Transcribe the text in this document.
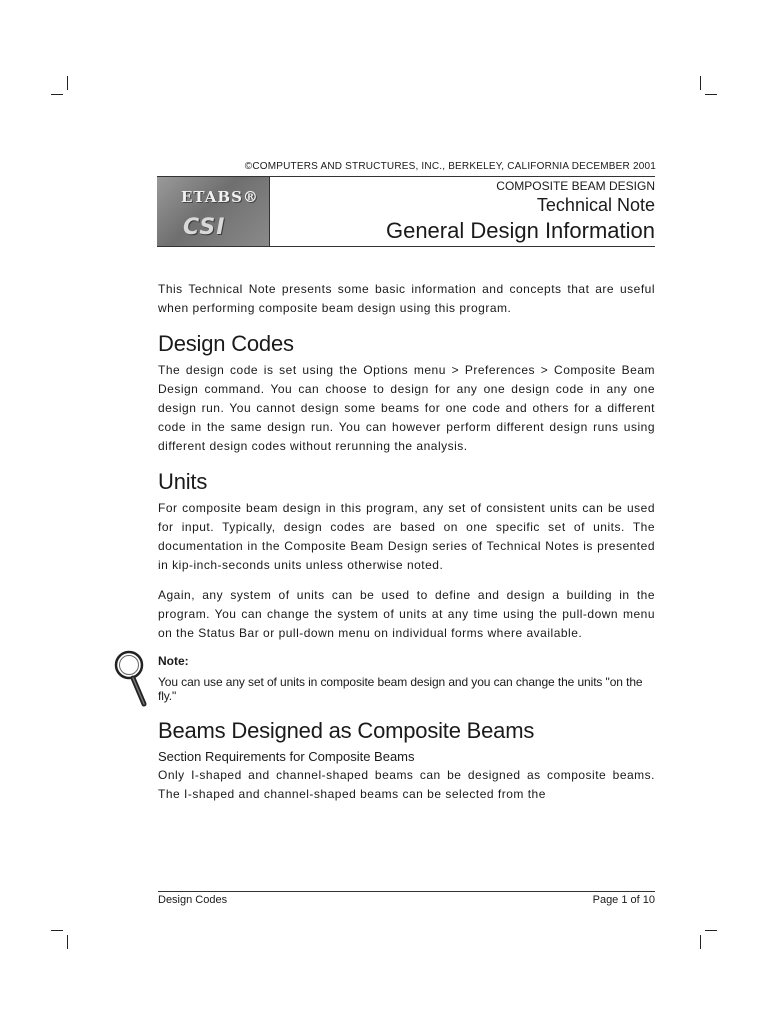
©COMPUTERS AND STRUCTURES, INC., BERKELEY, CALIFORNIA DECEMBER 2001
ETABS®
CSI
COMPOSITE BEAM DESIGN
Technical Note
General Design Information

This Technical Note presents some basic information and concepts that are useful when performing composite beam design using this program.

Design Codes

The design code is set using the Options menu > Preferences > Composite Beam Design command. You can choose to design for any one design code in any one design run. You cannot design some beams for one code and others for a different code in the same design run. You can however perform different design runs using different design codes without rerunning the analysis.

Units

For composite beam design in this program, any set of consistent units can be used for input. Typically, design codes are based on one specific set of units. The documentation in the Composite Beam Design series of Technical Notes is presented in kip-inch-seconds units unless otherwise noted.

Again, any system of units can be used to define and design a building in the program. You can change the system of units at any time using the pull-down menu on the Status Bar or pull-down menu on individual forms where available.

Note:
You can use any set of units in composite beam design and you can change the units "on the fly."
Beams Designed as Composite Beams
Section Requirements for Composite Beams

Only I-shaped and channel-shaped beams can be designed as composite beams. The I-shaped and channel-shaped beams can be selected from the

Design Codes	Page 1 of 10
